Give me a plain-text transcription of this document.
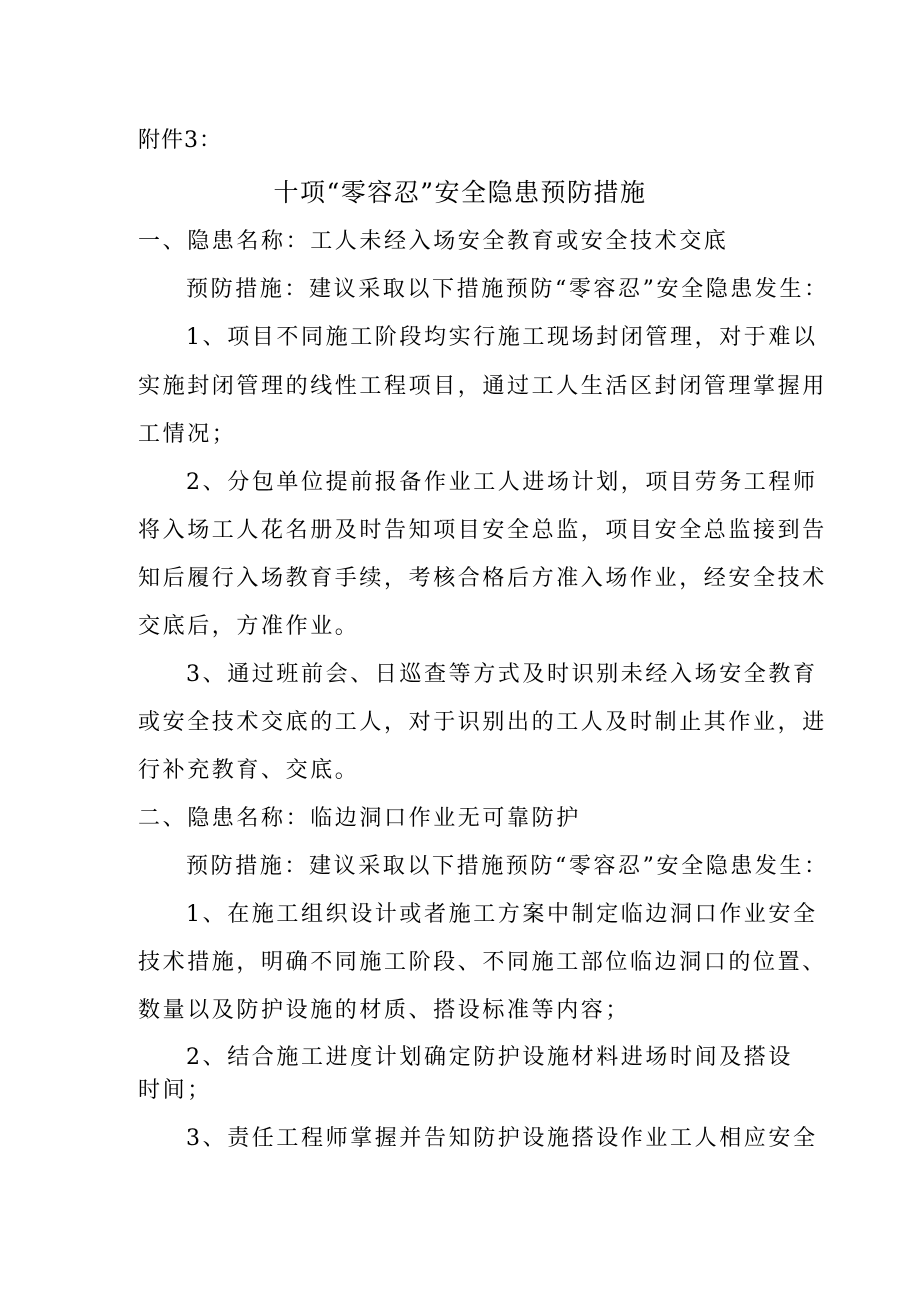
附件3：
十项“零容忍”安全隐患预防措施
一、隐患名称：工人未经入场安全教育或安全技术交底
预防措施：建议采取以下措施预防“零容忍”安全隐患发生：
1、项目不同施工阶段均实行施工现场封闭管理，对于难以
实施封闭管理的线性工程项目，通过工人生活区封闭管理掌握用
工情况；
2、分包单位提前报备作业工人进场计划，项目劳务工程师
将入场工人花名册及时告知项目安全总监，项目安全总监接到告
知后履行入场教育手续，考核合格后方准入场作业，经安全技术
交底后，方准作业。
3、通过班前会、日巡查等方式及时识别未经入场安全教育
或安全技术交底的工人，对于识别出的工人及时制止其作业，进
行补充教育、交底。
二、隐患名称：临边洞口作业无可靠防护
预防措施：建议采取以下措施预防“零容忍”安全隐患发生：
1、在施工组织设计或者施工方案中制定临边洞口作业安全
技术措施，明确不同施工阶段、不同施工部位临边洞口的位置、
数量以及防护设施的材质、搭设标准等内容；
2、结合施工进度计划确定防护设施材料进场时间及搭设
时间；
3、责任工程师掌握并告知防护设施搭设作业工人相应安全
